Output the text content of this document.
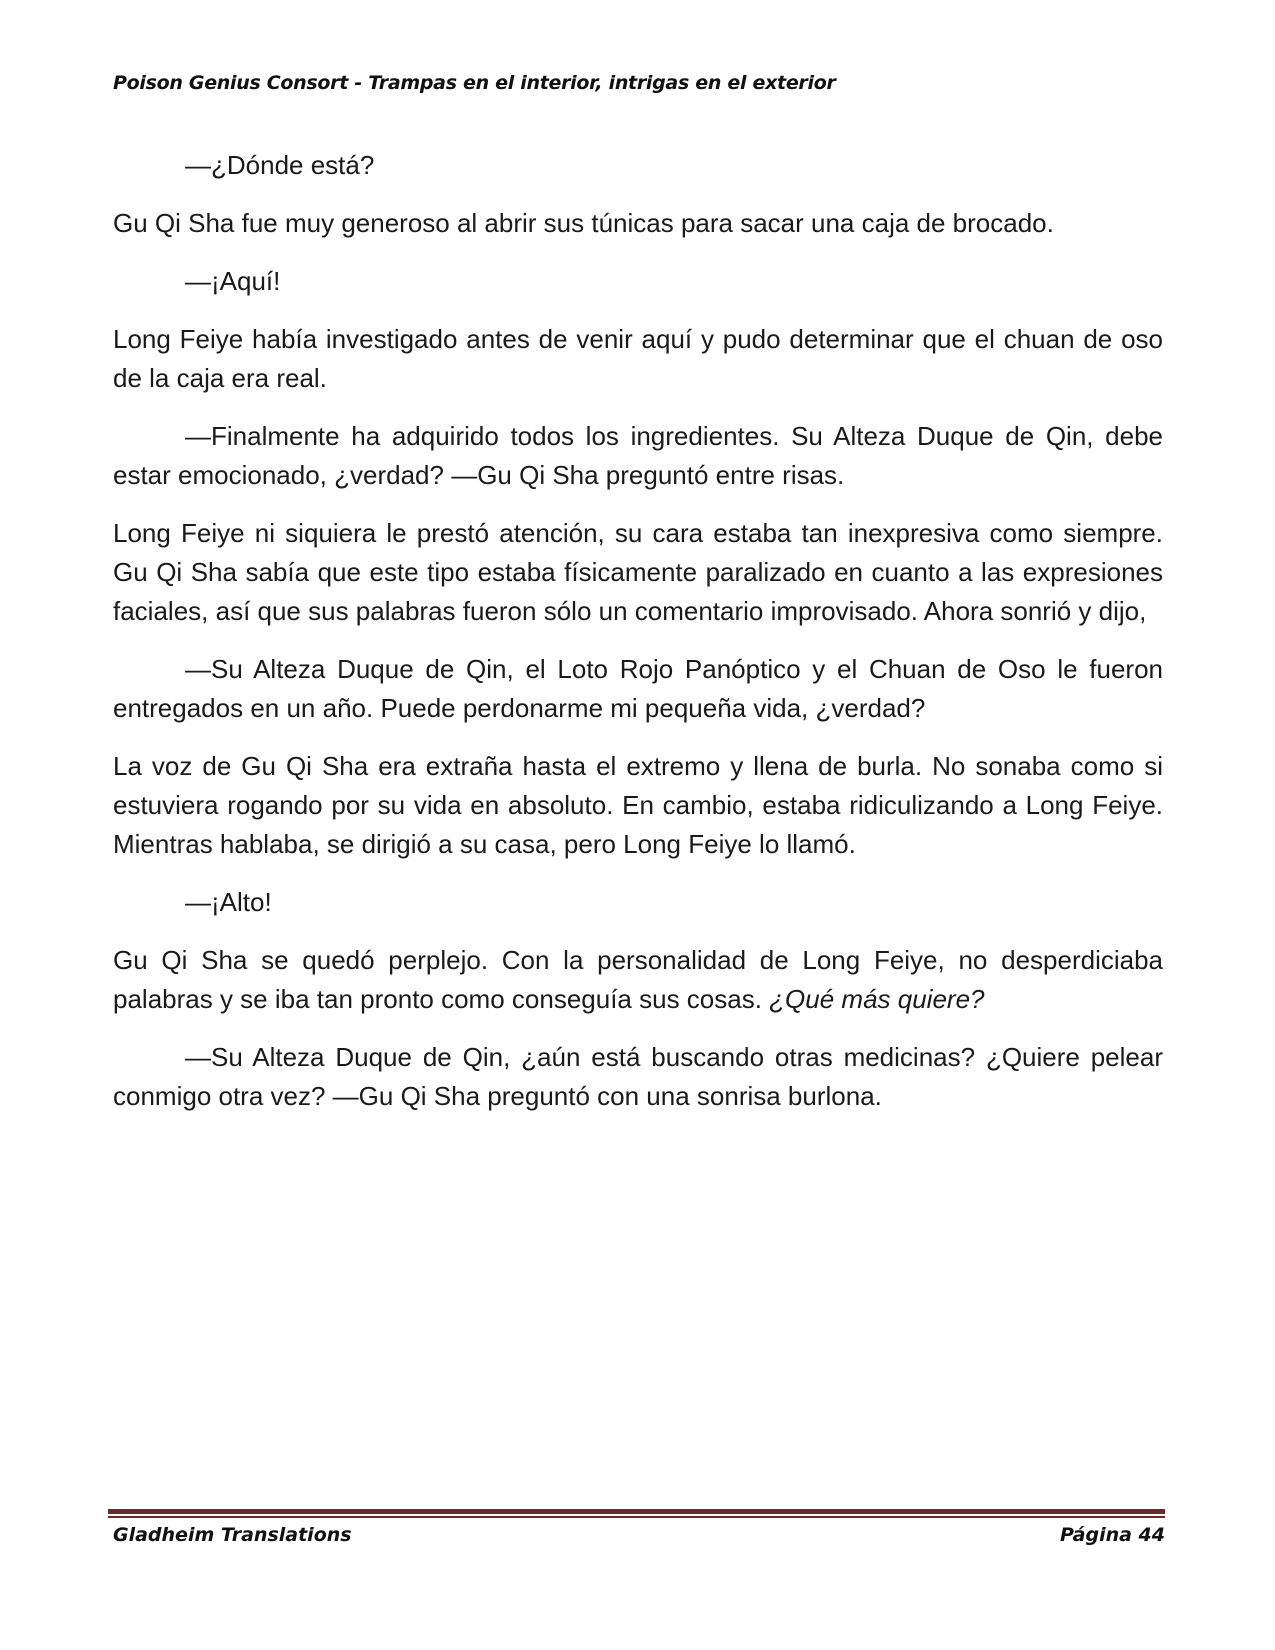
Poison Genius Consort - Trampas en el interior, intrigas en el exterior

—¿Dónde está?

Gu Qi Sha fue muy generoso al abrir sus túnicas para sacar una caja de brocado.

—¡Aquí!

Long Feiye había investigado antes de venir aquí y pudo determinar que el chuan de oso de la caja era real.

—Finalmente ha adquirido todos los ingredientes. Su Alteza Duque de Qin, debe estar emocionado, ¿verdad? —Gu Qi Sha preguntó entre risas.

Long Feiye ni siquiera le prestó atención, su cara estaba tan inexpresiva como siempre. Gu Qi Sha sabía que este tipo estaba físicamente paralizado en cuanto a las expresiones faciales, así que sus palabras fueron sólo un comentario improvisado. Ahora sonrió y dijo,

—Su Alteza Duque de Qin, el Loto Rojo Panóptico y el Chuan de Oso le fueron entregados en un año. Puede perdonarme mi pequeña vida, ¿verdad?

La voz de Gu Qi Sha era extraña hasta el extremo y llena de burla. No sonaba como si estuviera rogando por su vida en absoluto. En cambio, estaba ridiculizando a Long Feiye. Mientras hablaba, se dirigió a su casa, pero Long Feiye lo llamó.

—¡Alto!

Gu Qi Sha se quedó perplejo. Con la personalidad de Long Feiye, no desperdiciaba palabras y se iba tan pronto como conseguía sus cosas. ¿Qué más quiere?

—Su Alteza Duque de Qin, ¿aún está buscando otras medicinas? ¿Quiere pelear conmigo otra vez? —Gu Qi Sha preguntó con una sonrisa burlona.

Gladheim Translations	Página 44
